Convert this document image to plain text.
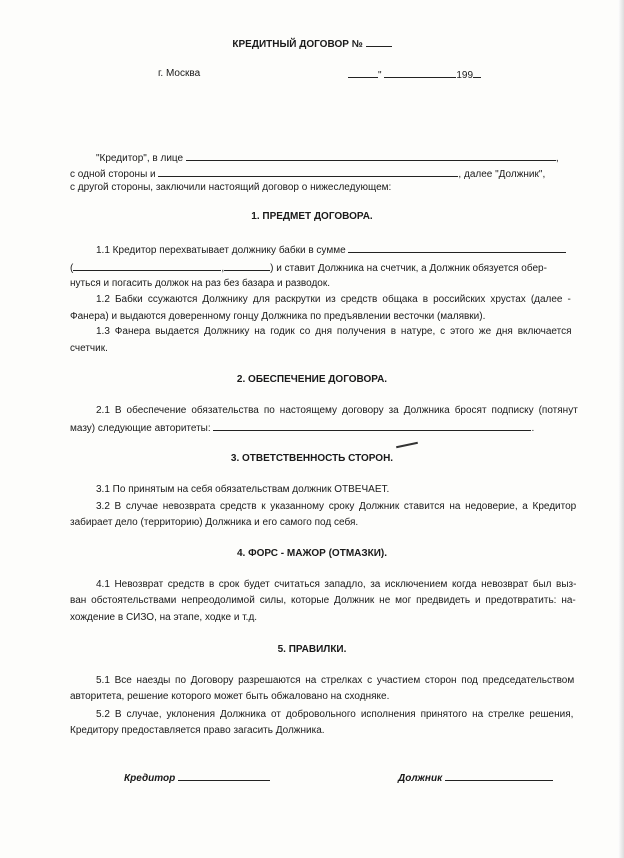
КРЕДИТНЫЙ ДОГОВОР №
г. Москва	"	199
"Кредитор", в лице	,
с одной стороны и	, далее "Должник",
с другой стороны, заключили настоящий договор о нижеследующем:
1. ПРЕДМЕТ ДОГОВОРА.
1.1 Кредитор перехватывает должнику бабки в сумме
(	,	) и ставит Должника на счетчик, а Должник обязуется обер-
нуться и погасить должок на раз без базара и разводок.
1.2 Бабки ссужаются Должнику для раскрутки из средств общака в российских хрустах (далее -
Фанера) и выдаются доверенному гонцу Должника по предъявлении весточки (малявки).
1.3 Фанера выдается Должнику на годик со дня получения в натуре, с этого же дня включается
счетчик.
2. ОБЕСПЕЧЕНИЕ ДОГОВОРА.
2.1 В обеспечение обязательства по настоящему договору за Должника бросят подписку (потянут
мазу) следующие авторитеты:	.
3. ОТВЕТСТВЕННОСТЬ СТОРОН.
3.1 По принятым на себя обязательствам должник ОТВЕЧАЕТ.
3.2 В случае невозврата средств к указанному сроку Должник ставится на недоверие, а Кредитор
забирает дело (территорию) Должника и его самого под себя.
4. ФОРС - МАЖОР (ОТМАЗКИ).
4.1 Невозврат средств в срок будет считаться западло, за исключением когда невозврат был выз-
ван обстоятельствами непреодолимой силы, которые Должник не мог предвидеть и предотвратить: на-
хождение в СИЗО, на этапе, ходке и т.д.
5. ПРАВИЛКИ.
5.1 Все наезды по Договору разрешаются на стрелках с участием сторон под председательством
авторитета, решение которого может быть обжаловано на сходняке.
5.2 В случае, уклонения Должника от добровольного исполнения принятого на стрелке решения,
Кредитору предоставляется право загасить Должника.
Кредитор	Должник
